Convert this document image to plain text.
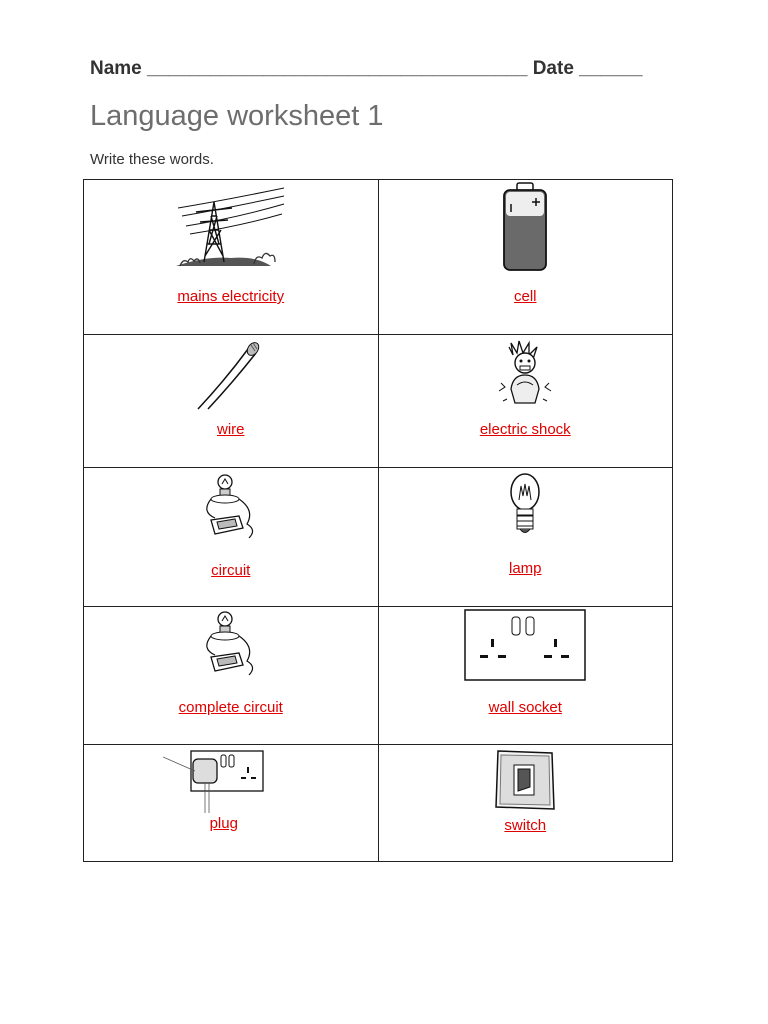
Name ____________________________________ Date ______
Language worksheet 1
Write these words.
mains electricity	cell

wire	electric shock

circuit	lamp

complete circuit	wall socket

plug	switch
